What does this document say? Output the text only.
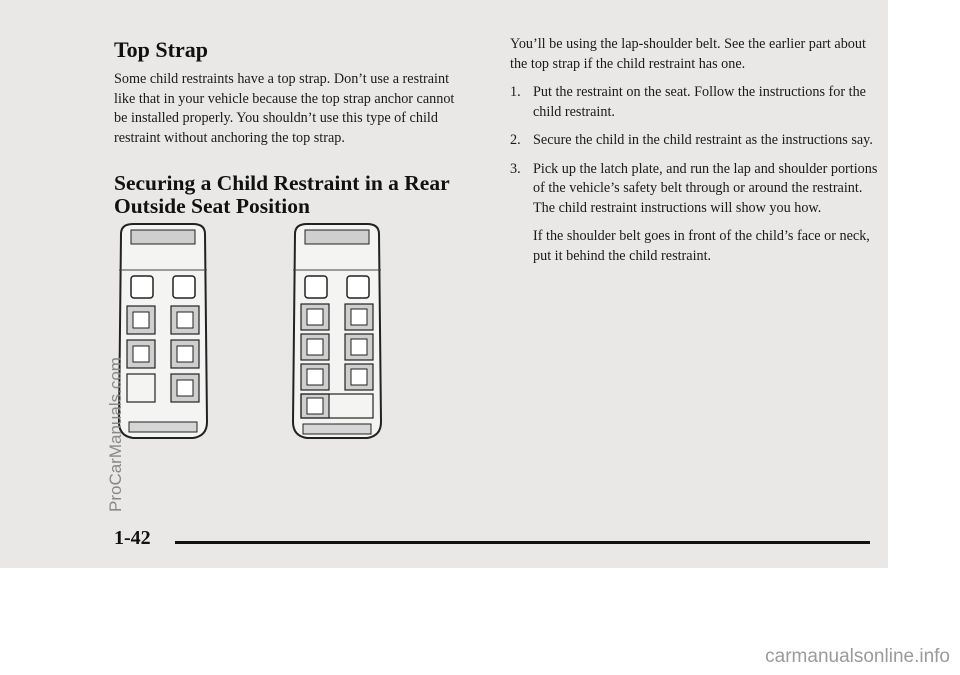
Top Strap

Some child restraints have a top strap. Don’t use a restraint like that in your vehicle because the top strap anchor cannot be installed properly. You shouldn’t use this type of child restraint without anchoring the top strap.

Securing a Child Restraint in a Rear Outside Seat Position

You’ll be using the lap-shoulder belt. See the earlier part about the top strap if the child restraint has one.

1. Put the restraint on the seat. Follow the instructions for the child restraint.
2. Secure the child in the child restraint as the instructions say.
3. Pick up the latch plate, and run the lap and shoulder portions of the vehicle’s safety belt through or around the restraint. The child restraint instructions will show you how.
If the shoulder belt goes in front of the child’s face or neck, put it behind the child restraint.

1-42

ProCarManuals.com
carmanualsonline.info
